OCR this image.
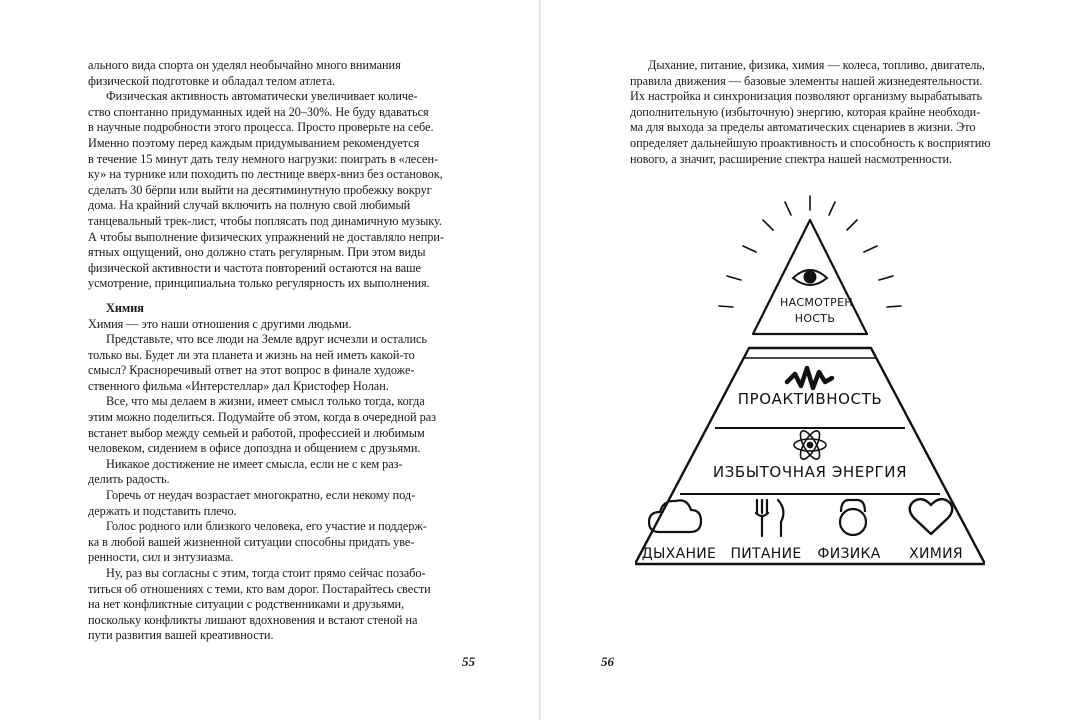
ального вида спорта он уделял необычайно много внимания
физической подготовке и обладал телом атлета.
Физическая активность автоматически увеличивает количе-
ство спонтанно придуманных идей на 20–30%. Не буду вдаваться
в научные подробности этого процесса. Просто проверьте на себе.
Именно поэтому перед каждым придумыванием рекомендуется
в течение 15 минут дать телу немного нагрузки: поиграть в «лесен-
ку» на турнике или походить по лестнице вверх-вниз без остановок,
сделать 30 бёрпи или выйти на десятиминутную пробежку вокруг
дома. На крайний случай включить на полную свой любимый
танцевальный трек-лист, чтобы поплясать под динамичную музыку.
А чтобы выполнение физических упражнений не доставляло непри-
ятных ощущений, оно должно стать регулярным. При этом виды
физической активности и частота повторений остаются на ваше
усмотрение, принципиальна только регулярность их выполнения.
Химия
Химия — это наши отношения с другими людьми.
Представьте, что все люди на Земле вдруг исчезли и остались
только вы. Будет ли эта планета и жизнь на ней иметь какой-то
смысл? Красноречивый ответ на этот вопрос в финале художе-
ственного фильма «Интерстеллар» дал Кристофер Нолан.
Все, что мы делаем в жизни, имеет смысл только тогда, когда
этим можно поделиться. Подумайте об этом, когда в очередной раз
встанет выбор между семьей и работой, профессией и любимым
человеком, сидением в офисе допоздна и общением с друзьями.
Никакое достижение не имеет смысла, если не с кем раз-
делить радость.
Горечь от неудач возрастает многократно, если некому под-
держать и подставить плечо.
Голос родного или близкого человека, его участие и поддерж-
ка в любой вашей жизненной ситуации способны придать уве-
ренности, сил и энтузиазма.
Ну, раз вы согласны с этим, тогда стоит прямо сейчас позабо-
титься об отношениях с теми, кто вам дорог. Постарайтесь свести
на нет конфликтные ситуации с родственниками и друзьями,
поскольку конфликты лишают вдохновения и встают стеной на
пути развития вашей креативности.
55
Дыхание, питание, физика, химия — колеса, топливо, двигатель,
правила движения — базовые элементы нашей жизнедеятельности.
Их настройка и синхронизация позволяют организму вырабатывать
дополнительную (избыточную) энергию, которая крайне необходи-
ма для выхода за пределы автоматических сценариев в жизни. Это
определяет дальнейшую проактивность и способность к восприятию
нового, а значит, расширение спектра нашей насмотренности.
НАСМОТРЕН
НОСТЬ
ПРОАКТИВНОСТЬ
ИЗБЫТОЧНАЯ ЭНЕРГИЯ
ДЫХАНИЕ	ПИТАНИЕ	ФИЗИКА	ХИМИЯ
56
